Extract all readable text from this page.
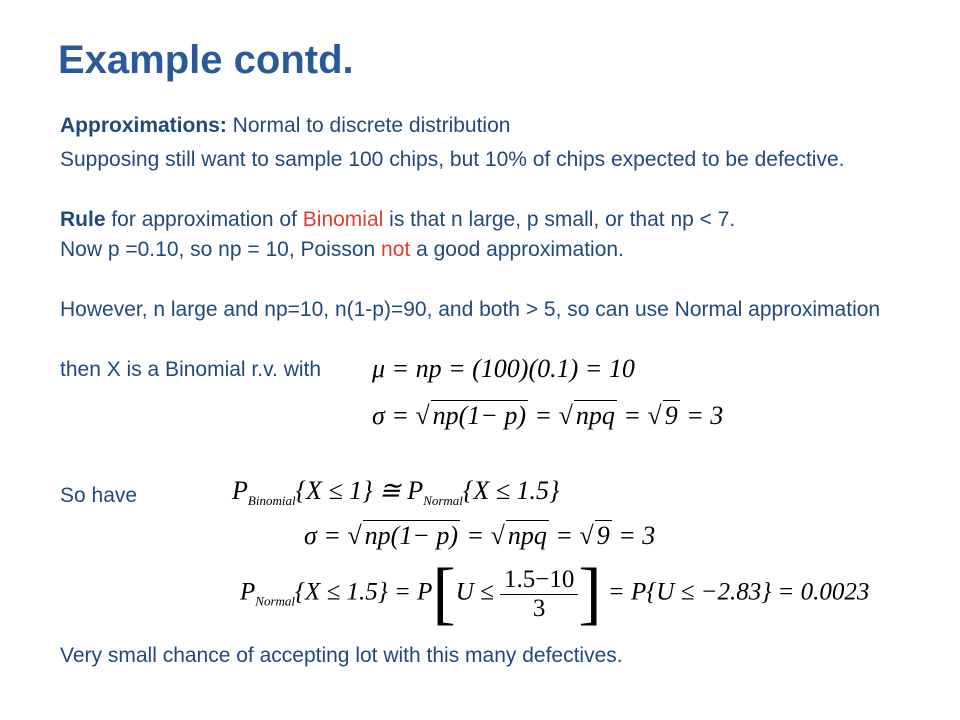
Example contd.
Approximations: Normal to discrete distribution
Supposing still want to sample 100 chips, but 10% of chips expected to be defective.
Rule for approximation of Binomial is that n large, p small, or that np < 7.
Now p =0.10, so np = 10, Poisson not a good approximation.
However, n large and np=10, n(1-p)=90, and both > 5, so can use Normal approximation
then X is a Binomial r.v. with	μ = np = (100)(0.1) = 10
σ = √ np(1− p) = √ npq = √ 9 = 3
So have	$P_{Binomial}\{X \le 1\}$ ≅ $P_{Normal}\{X \le 1.5\}$
σ = √ np(1− p) = √ npq = √ 9 = 3
$P_{Normal}\{X \le 1.5\} = P[U \le \frac{1.5-10}{3}$ ] = P{U ≤ −2.83} = 0.0023
Very small chance of accepting lot with this many defectives.
